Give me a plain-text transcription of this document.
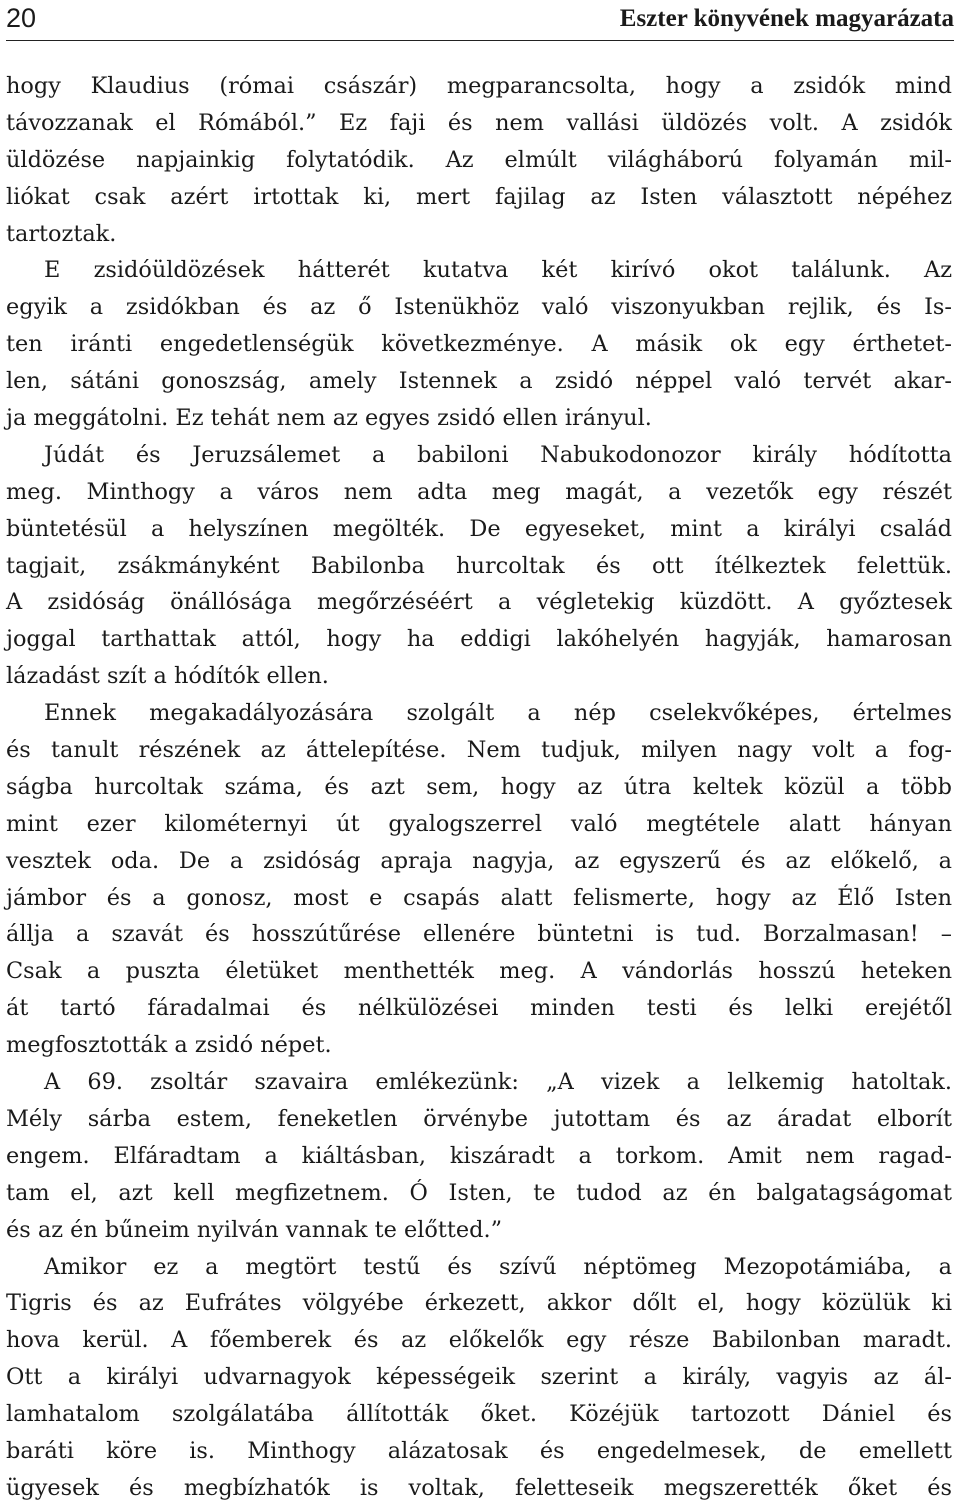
20	Eszter könyvének magyarázata
hogy Klaudius (római császár) megparancsolta, hogy a zsidók mind
távozzanak el Rómából.” Ez faji és nem vallási üldözés volt. A zsidók
üldözése napjainkig folytatódik. Az elmúlt világháború folyamán mil-
liókat csak azért irtottak ki, mert fajilag az Isten választott népéhez
tartoztak.
E zsidóüldözések hátterét kutatva két kirívó okot találunk. Az
egyik a zsidókban és az ő Istenükhöz való viszonyukban rejlik, és Is-
ten iránti engedetlenségük következménye. A másik ok egy érthetet-
len, sátáni gonoszság, amely Istennek a zsidó néppel való tervét akar-
ja meggátolni. Ez tehát nem az egyes zsidó ellen irányul.
Júdát és Jeruzsálemet a babiloni Nabukodonozor király hódította
meg. Minthogy a város nem adta meg magát, a vezetők egy részét
büntetésül a helyszínen megölték. De egyeseket, mint a királyi család
tagjait, zsákmányként Babilonba hurcoltak és ott ítélkeztek felettük.
A zsidóság önállósága megőrzéséért a végletekig küzdött. A győztesek
joggal tarthattak attól, hogy ha eddigi lakóhelyén hagyják, hamarosan
lázadást szít a hódítók ellen.
Ennek megakadályozására szolgált a nép cselekvőképes, értelmes
és tanult részének az áttelepítése. Nem tudjuk, milyen nagy volt a fog-
ságba hurcoltak száma, és azt sem, hogy az útra keltek közül a több
mint ezer kilométernyi út gyalogszerrel való megtétele alatt hányan
vesztek oda. De a zsidóság apraja nagyja, az egyszerű és az előkelő, a
jámbor és a gonosz, most e csapás alatt felismerte, hogy az Élő Isten
állja a szavát és hosszútűrése ellenére büntetni is tud. Borzalmasan! –
Csak a puszta életüket menthették meg. A vándorlás hosszú heteken
át tartó fáradalmai és nélkülözései minden testi és lelki erejétől
megfosztották a zsidó népet.
A 69. zsoltár szavaira emlékezünk: „A vizek a lelkemig hatoltak.
Mély sárba estem, feneketlen örvénybe jutottam és az áradat elborít
engem. Elfáradtam a kiáltásban, kiszáradt a torkom. Amit nem ragad-
tam el, azt kell megfizetnem. Ó Isten, te tudod az én balgatagságomat
és az én bűneim nyilván vannak te előtted.”
Amikor ez a megtört testű és szívű néptömeg Mezopotámiába, a
Tigris és az Eufrátes völgyébe érkezett, akkor dőlt el, hogy közülük ki
hova kerül. A főemberek és az előkelők egy része Babilonban maradt.
Ott a királyi udvarnagyok képességeik szerint a király, vagyis az ál-
lamhatalom szolgálatába állították őket. Közéjük tartozott Dániel és
baráti köre is. Minthogy alázatosak és engedelmesek, de emellett
ügyesek és megbízhatók is voltak, feletteseik megszerették őket és
